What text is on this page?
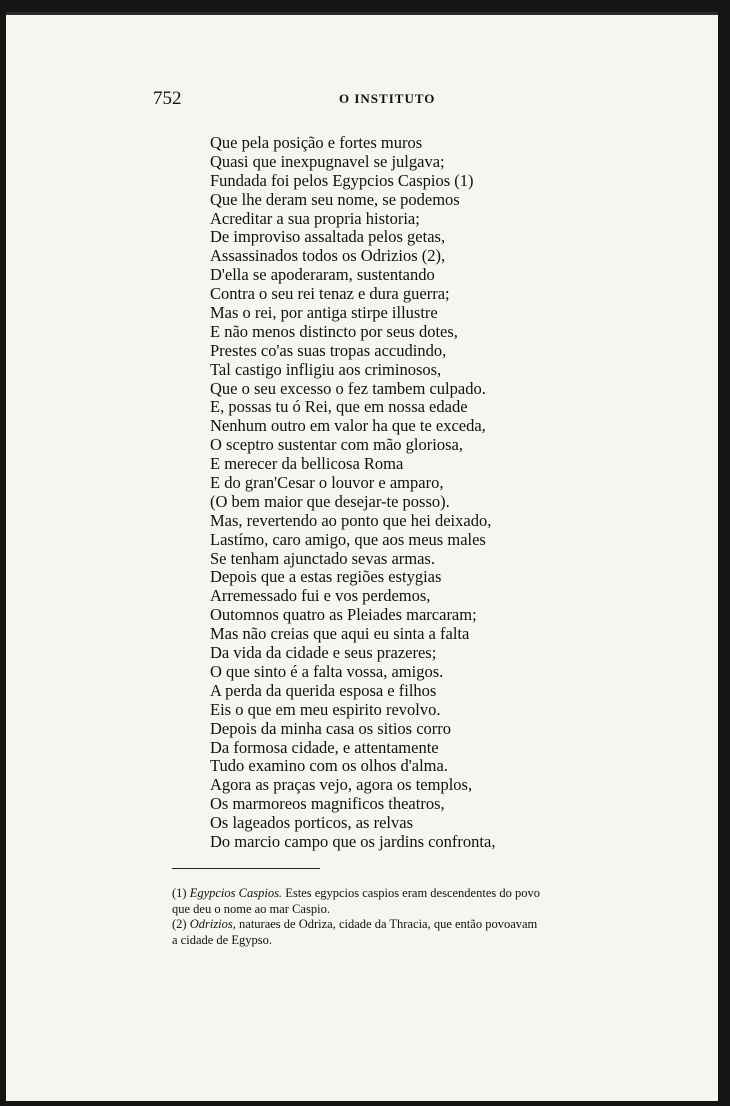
752	O INSTITUTO
Que pela posição e fortes muros
Quasi que inexpugnavel se julgava;
Fundada foi pelos Egypcios Caspios (1)
Que lhe deram seu nome, se podemos
Acreditar a sua propria historia;
De improviso assaltada pelos getas,
Assassinados todos os Odrizios (2),
D'ella se apoderaram, sustentando
Contra o seu rei tenaz e dura guerra;
Mas o rei, por antiga stirpe illustre
E não menos distincto por seus dotes,
Prestes co'as suas tropas accudindo,
Tal castigo infligiu aos criminosos,
Que o seu excesso o fez tambem culpado.
E, possas tu ó Rei, que em nossa edade
Nenhum outro em valor ha que te exceda,
O sceptro sustentar com mão gloriosa,
E merecer da bellicosa Roma
E do gran'Cesar o louvor e amparo,
(O bem maior que desejar-te posso).
Mas, revertendo ao ponto que hei deixado,
Lastímo, caro amigo, que aos meus males
Se tenham ajunctado sevas armas.
Depois que a estas regiões estygias
Arremessado fui e vos perdemos,
Outomnos quatro as Pleiades marcaram;
Mas não creias que aqui eu sinta a falta
Da vida da cidade e seus prazeres;
O que sinto é a falta vossa, amigos.
A perda da querida esposa e filhos
Eis o que em meu espirito revolvo.
Depois da minha casa os sitios corro
Da formosa cidade, e attentamente
Tudo examino com os olhos d'alma.
Agora as praças vejo, agora os templos,
Os marmoreos magnificos theatros,
Os lageados porticos, as relvas
Do marcio campo que os jardins confronta,

(1) Egypcios Caspios. Estes egypcios caspios eram descendentes do povo
que deu o nome ao mar Caspio.

(2) Odrizios, naturaes de Odriza, cidade da Thracia, que então povoavam
a cidade de Egypso.
